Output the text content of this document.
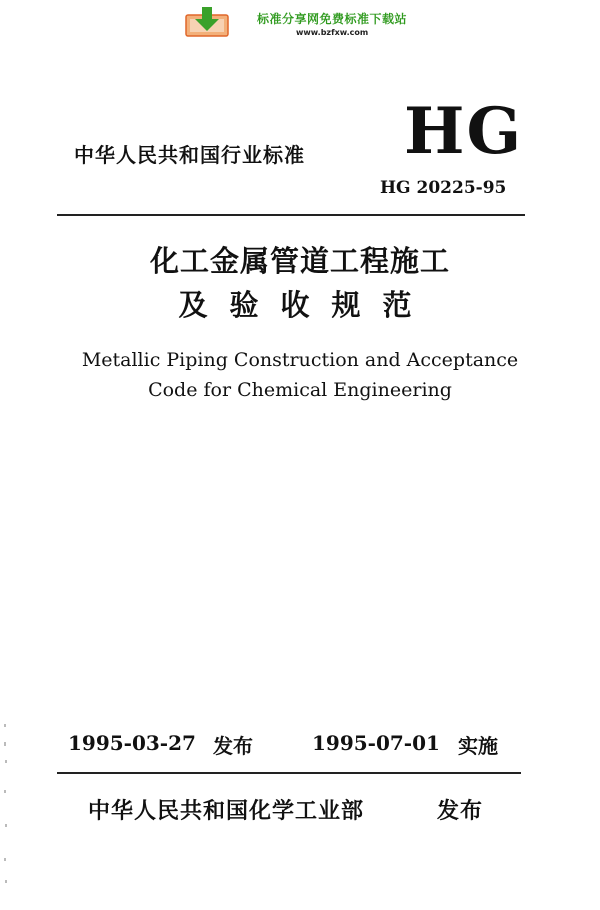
标准分享网免费标准下载站
www.bzfxw.com
中华人民共和国行业标准 HG
HG 20225-95
化工金属管道工程施工
及验收规范
Metallic Piping Construction and Acceptance
Code for Chemical Engineering
1995-03-27 发布	1995-07-01 实施
中华人民共和国化学工业部	发布
